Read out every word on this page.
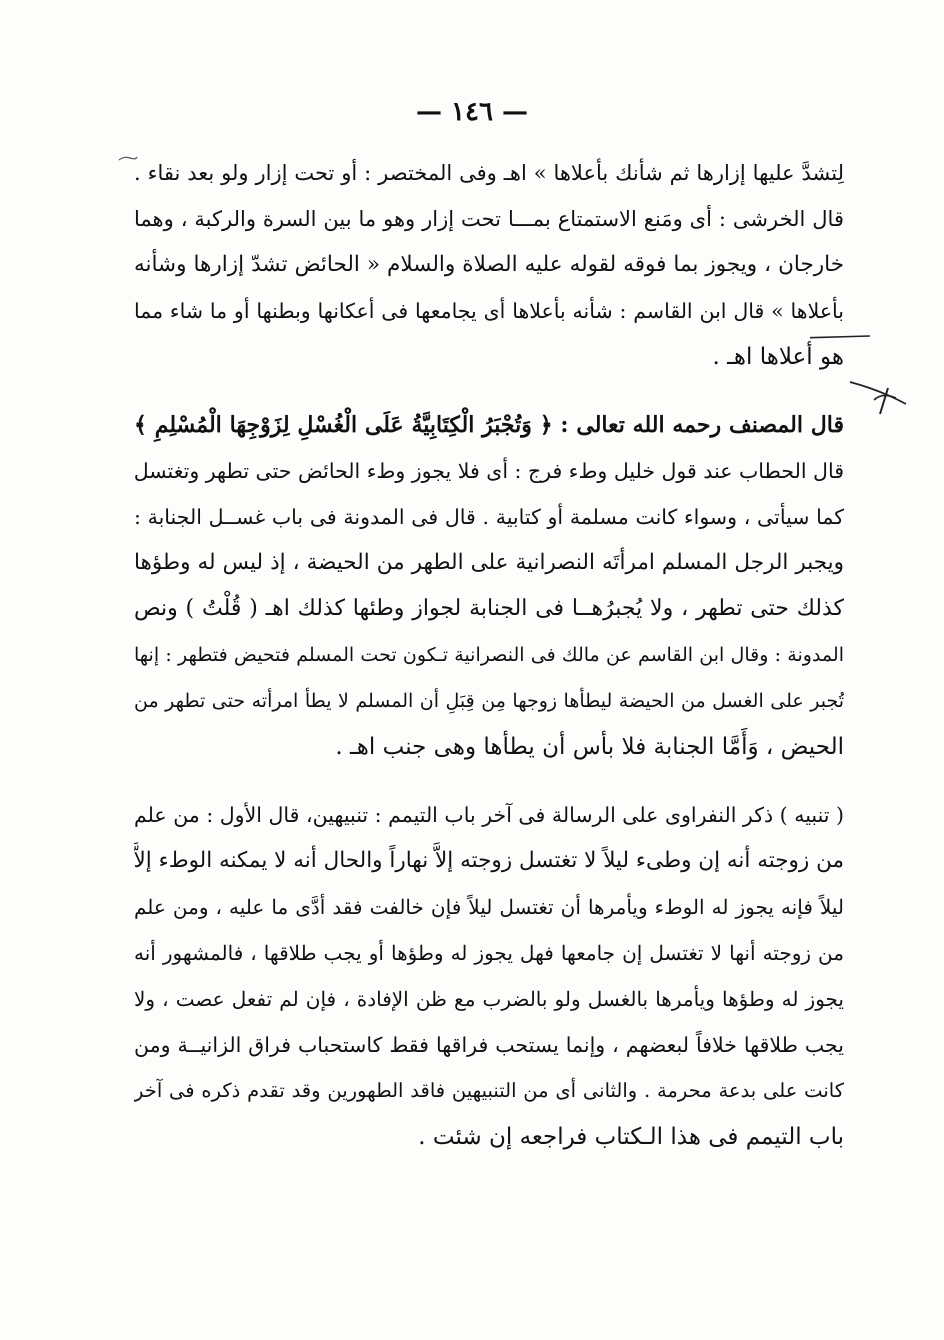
— ١٤٦ —
لِتشدَّ عليها إزارها ثم شأنك بأعلاها » اهـ وفى المختصر : أو تحت إزار ولو بعد نقاء .
قال الخرشى : أى ومَنع الاستمتاع بمـــا تحت إزار وهو ما بين السرة والركبة ، وهما
خارجان ، ويجوز بما فوقه لقوله عليه الصلاة والسلام « الحائض تشدّ إزارها وشأنه
بأعلاها » قال ابن القاسم : شأنه بأعلاها أى يجامعها فى أعكانها وبطنها أو ما شاء مما
هو أعلاها اهـ .
قال المصنف رحمه الله تعالى : ﴿ وَتُجْبَرُ الْكِتَابِيَّةُ عَلَى الْغُسْلِ لِزَوْجِهَا الْمُسْلِمِ ﴾
قال الحطاب عند قول خليل وطء فرج : أى فلا يجوز وطء الحائض حتى تطهر وتغتسل
كما سيأتى ، وسواء كانت مسلمة أو كتابية . قال فى المدونة فى باب غســل الجنابة :
ويجبر الرجل المسلم امرأتَه النصرانية على الطهر من الحيضة ، إذ ليس له وطؤها
كذلك حتى تطهر ، ولا يُجبرُهــا فى الجنابة لجواز وطئها كذلك اهـ ( قُلْتُ ) ونص
المدونة : وقال ابن القاسم عن مالك فى النصرانية تـكون تحت المسلم فتحيض فتطهر : إنها
تُجبر على الغسل من الحيضة ليطأها زوجها مِن قِبَلِ أن المسلم لا يطأ امرأته حتى تطهر من
الحيض ، وَأَمَّا الجنابة فلا بأس أن يطأها وهى جنب اهـ .
( تنبيه ) ذكر النفراوى على الرسالة فى آخر باب التيمم : تنبيهين، قال الأول : من علم
من زوجته أنه إن وطىء ليلاً لا تغتسل زوجته إلاَّ نهاراً والحال أنه لا يمكنه الوطء إلاَّ
ليلاً فإنه يجوز له الوطء ويأمرها أن تغتسل ليلاً فإن خالفت فقد أدَّى ما عليه ، ومن علم
من زوجته أنها لا تغتسل إن جامعها فهل يجوز له وطؤها أو يجب طلاقها ، فالمشهور أنه
يجوز له وطؤها ويأمرها بالغسل ولو بالضرب مع ظن الإفادة ، فإن لم تفعل عصت ، ولا
يجب طلاقها خلافاً لبعضهم ، وإنما يستحب فراقها فقط كاستحباب فراق الزانيــة ومن
كانت على بدعة محرمة . والثانى أى من التنبيهين فاقد الطهورين وقد تقدم ذكره فى آخر
باب التيمم فى هذا الـكتاب فراجعه إن شئت .
